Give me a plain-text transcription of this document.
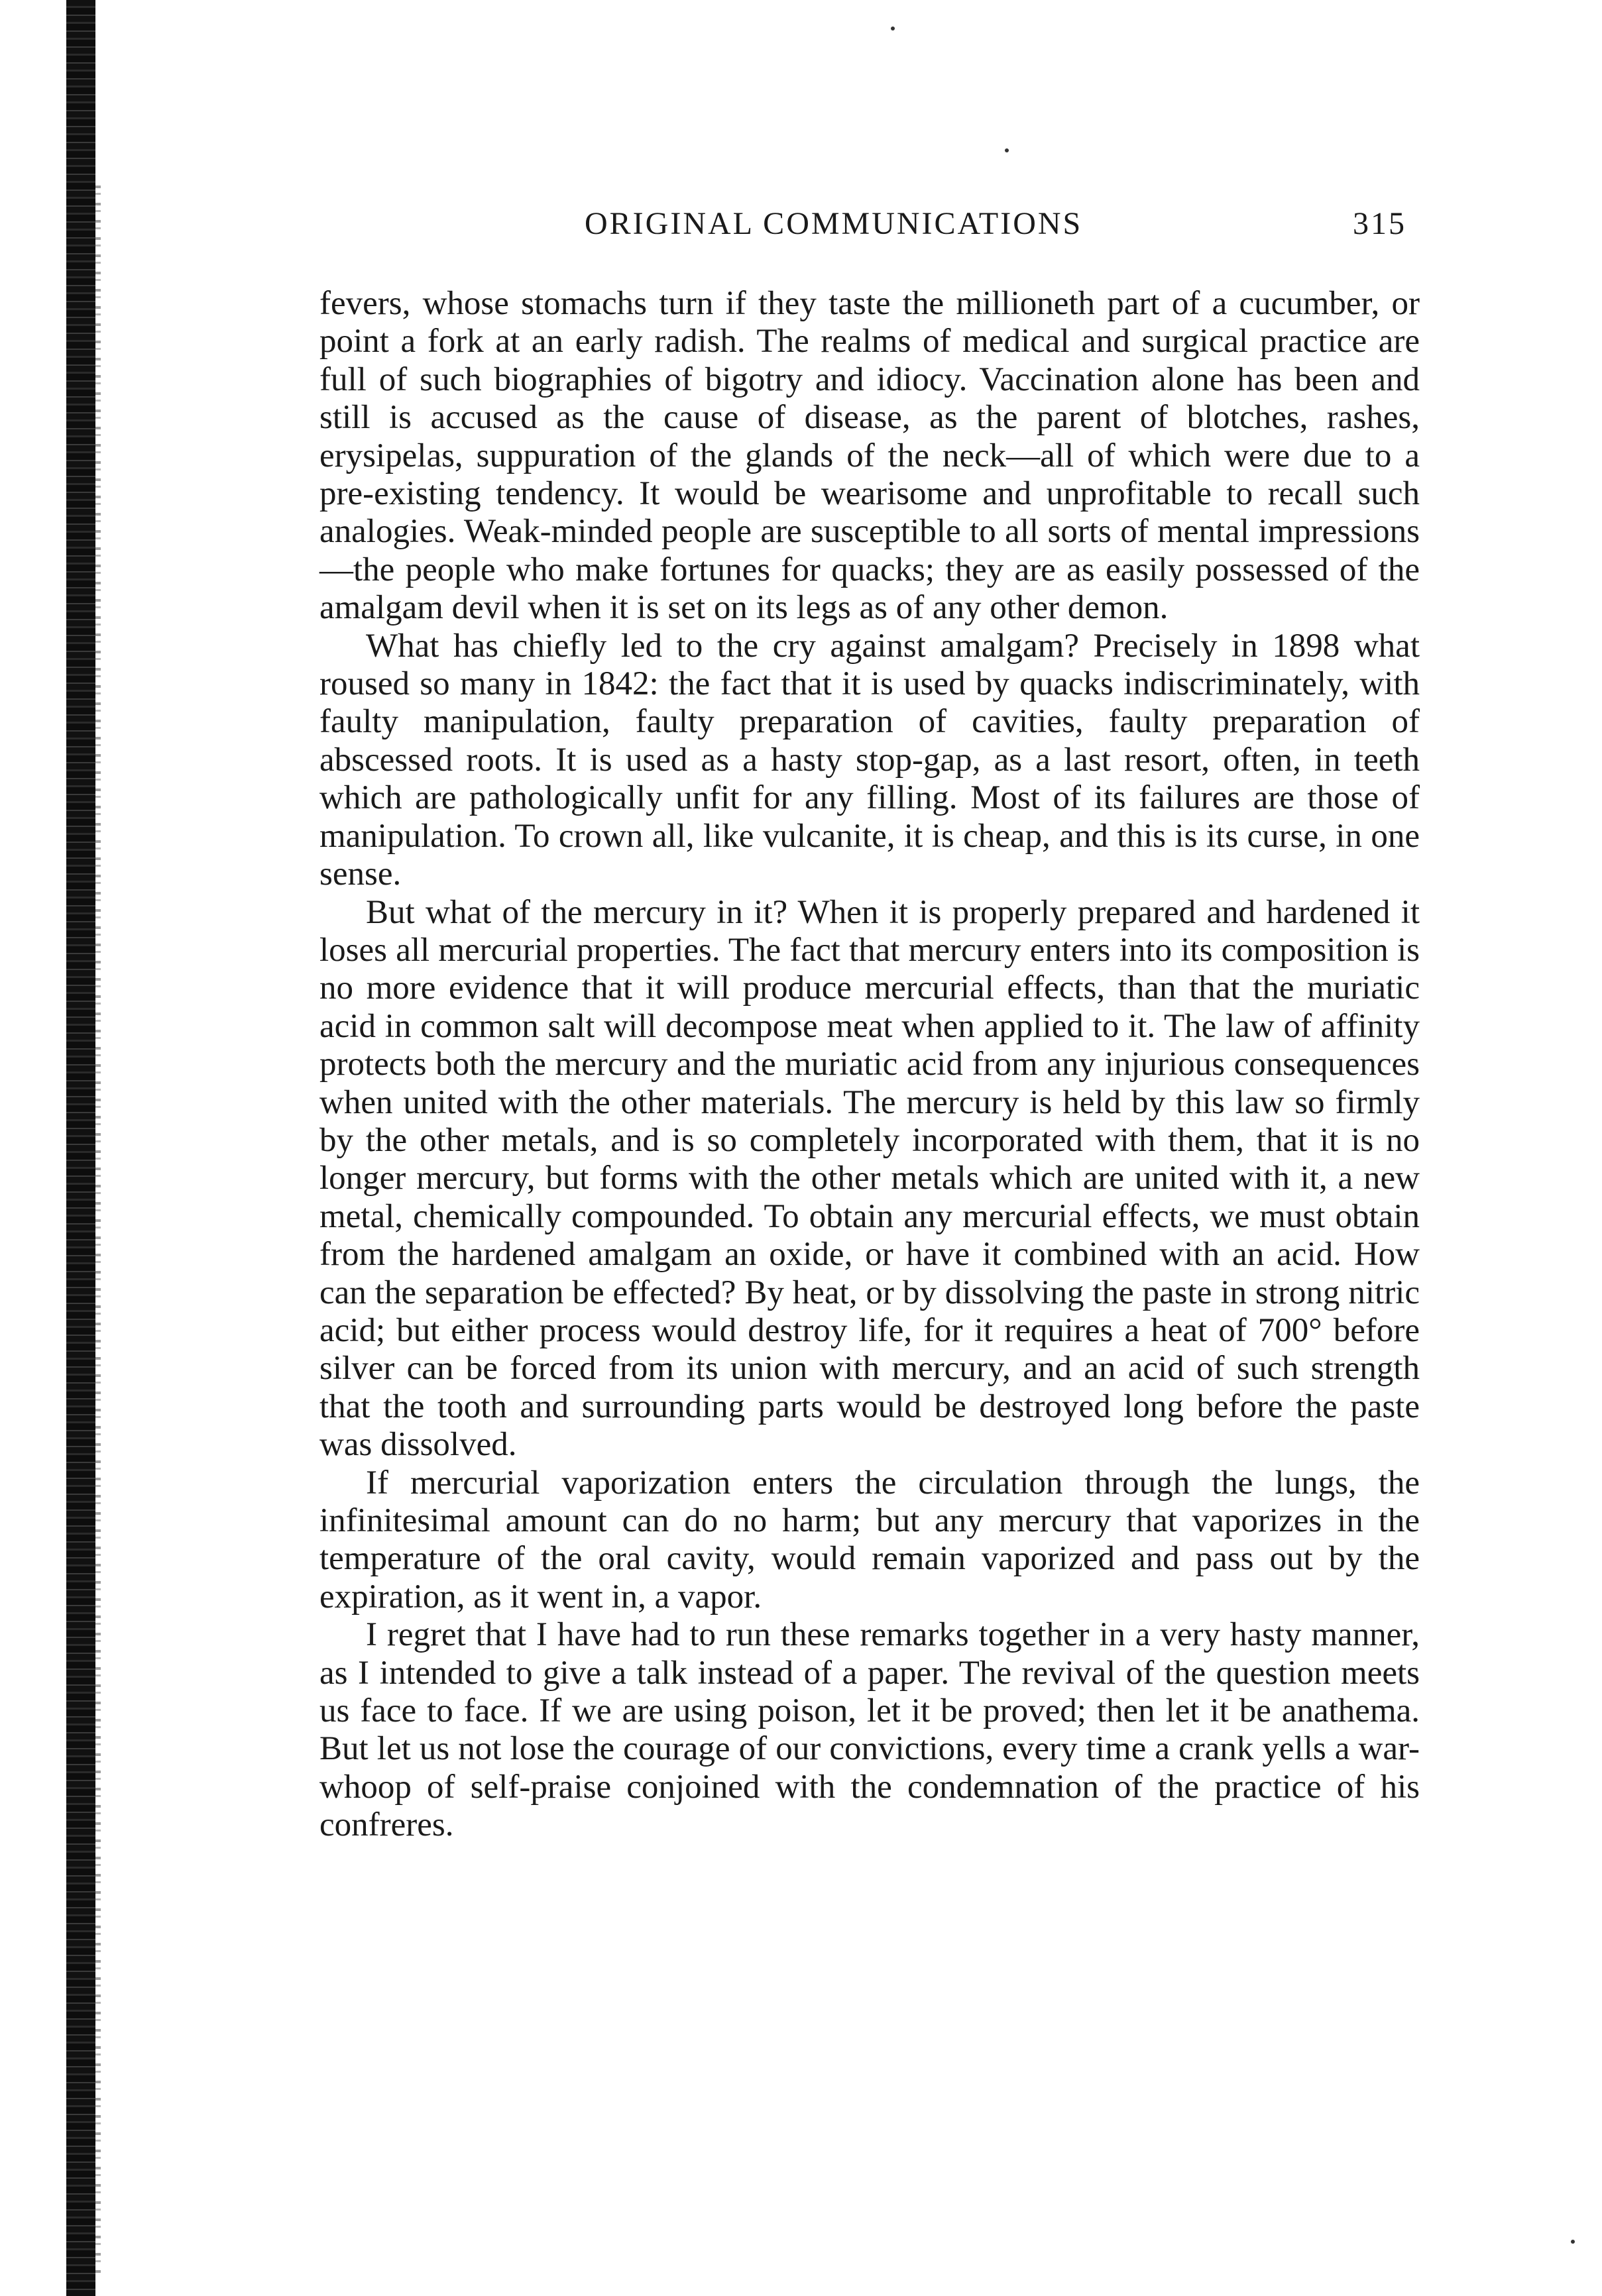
ORIGINAL COMMUNICATIONS	315

fevers, whose stomachs turn if they taste the millioneth part of a cucumber, or point a fork at an early radish. The realms of medical and surgical practice are full of such biographies of bigotry and idiocy. Vaccination alone has been and still is accused as the cause of disease, as the parent of blotches, rashes, erysipelas, suppuration of the glands of the neck—all of which were due to a pre-existing tendency. It would be wearisome and unprofitable to recall such analogies. Weak-minded people are susceptible to all sorts of mental impressions—the people who make fortunes for quacks; they are as easily possessed of the amalgam devil when it is set on its legs as of any other demon.

What has chiefly led to the cry against amalgam? Precisely in 1898 what roused so many in 1842: the fact that it is used by quacks indiscriminately, with faulty manipulation, faulty preparation of cavities, faulty preparation of abscessed roots. It is used as a hasty stop-gap, as a last resort, often, in teeth which are pathologically unfit for any filling. Most of its failures are those of manipulation. To crown all, like vulcanite, it is cheap, and this is its curse, in one sense.

But what of the mercury in it? When it is properly prepared and hardened it loses all mercurial properties. The fact that mercury enters into its composition is no more evidence that it will produce mercurial effects, than that the muriatic acid in common salt will decompose meat when applied to it. The law of affinity protects both the mercury and the muriatic acid from any injurious consequences when united with the other materials. The mercury is held by this law so firmly by the other metals, and is so completely incorporated with them, that it is no longer mercury, but forms with the other metals which are united with it, a new metal, chemically compounded. To obtain any mercurial effects, we must obtain from the hardened amalgam an oxide, or have it combined with an acid. How can the separation be effected? By heat, or by dissolving the paste in strong nitric acid; but either process would destroy life, for it requires a heat of 700° before silver can be forced from its union with mercury, and an acid of such strength that the tooth and surrounding parts would be destroyed long before the paste was dissolved.

If mercurial vaporization enters the circulation through the lungs, the infinitesimal amount can do no harm; but any mercury that vaporizes in the temperature of the oral cavity, would remain vaporized and pass out by the expiration, as it went in, a vapor.

I regret that I have had to run these remarks together in a very hasty manner, as I intended to give a talk instead of a paper. The revival of the question meets us face to face. If we are using poison, let it be proved; then let it be anathema. But let us not lose the courage of our convictions, every time a crank yells a war-whoop of self-praise conjoined with the condemnation of the practice of his confreres.
